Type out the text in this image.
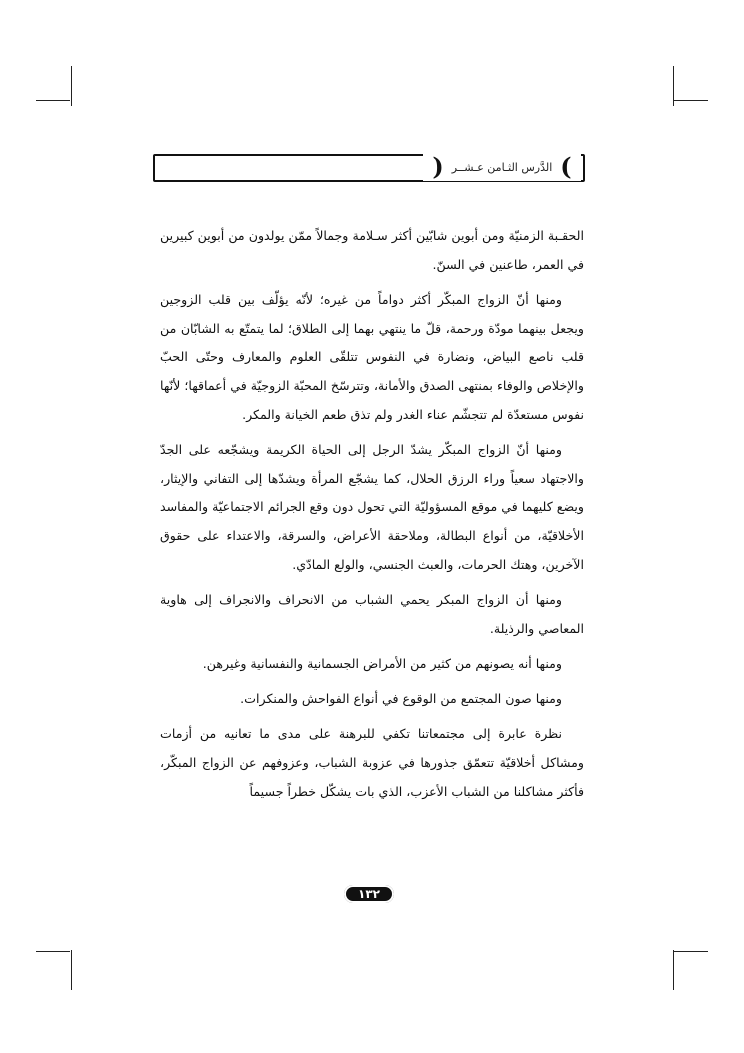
) الدَّرس الثـامن عـشــر (

الحقـبة الزمنيّة ومن أبوين شابّين أكثر سـلامة وجمالاً ممّن يولدون من أبوين كبيرين في العمر، طاعنين في السنّ.

ومنها أنّ الزواج المبكّر أكثر دواماً من غيره؛ لأنّه يؤلّف بين قلب الزوجين ويجعل بينهما مودّة ورحمة، قلّ ما ينتهي بهما إلى الطلاق؛ لما يتمتّع به الشابّان من قلب ناصع البياض، ونضارة في النفوس تتلقّى العلوم والمعارف وحتّى الحبّ والإخلاص والوفاء بمنتهى الصدق والأمانة، وتترسّخ المحبّة الزوجيّة في أعماقها؛ لأنّها نفوس مستعدّة لم تتجشّم عناء الغدر ولم تذق طعم الخيانة والمكر.

ومنها أنّ الزواج المبكّر يشدّ الرجل إلى الحياة الكريمة ويشجّعه على الجدّ والاجتهاد سعياً وراء الرزق الحلال، كما يشجّع المرأة ويشدّها إلى التفاني والإيثار، ويضع كليهما في موقع المسؤوليّة التي تحول دون وقع الجرائم الاجتماعيّة والمفاسد الأخلاقيّة، من أنواع البطالة، وملاحقة الأعراض، والسرقة، والاعتداء على حقوق الآخرين، وهتك الحرمات، والعبث الجنسي، والولع المادّي.

ومنها أن الزواج المبكر يحمي الشباب من الانحراف والانجراف إلى هاوية المعاصي والرذيلة.

ومنها أنه يصونهم من كثير من الأمراض الجسمانية والنفسانية وغيرهن.

ومنها صون المجتمع من الوقوع في أنواع الفواحش والمنكرات.

نظرة عابرة إلى مجتمعاتنا تكفي للبرهنة على مدى ما تعانيه من أزمات ومشاكل أخلاقيّة تتعمّق جذورها في عزوبة الشباب، وعزوفهم عن الزواج المبكّر، فأكثر مشاكلنا من الشباب الأعزب، الذي بات يشكّل خطراً جسيماً

١٣٢
